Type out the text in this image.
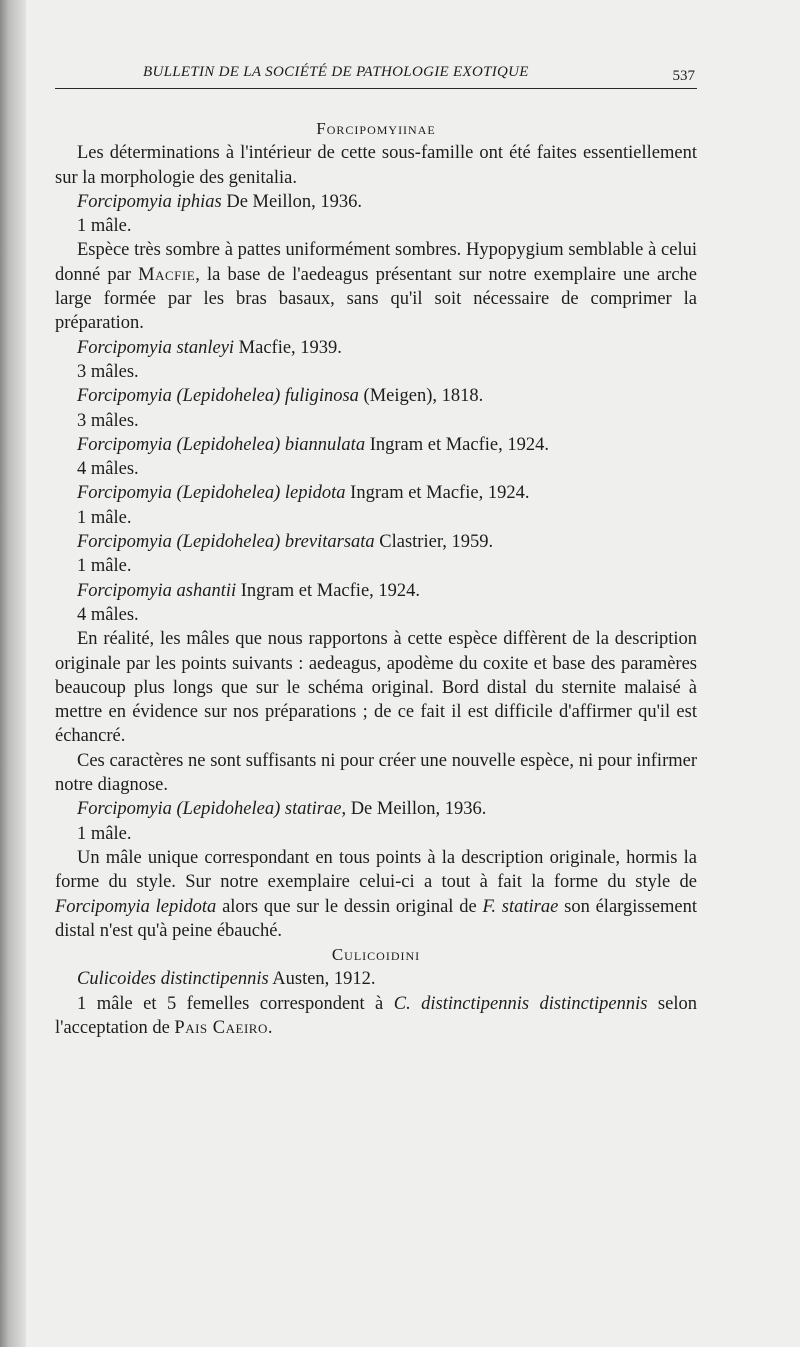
BULLETIN DE LA SOCIÉTÉ DE PATHOLOGIE EXOTIQUE	537

Forcipomyiinae

Les déterminations à l'intérieur de cette sous-famille ont été faites essentiellement sur la morphologie des genitalia.

Forcipomyia iphias De Meillon, 1936.

1 mâle.

Espèce très sombre à pattes uniformément sombres. Hypopygium semblable à celui donné par Macfie, la base de l'aedeagus présentant sur notre exemplaire une arche large formée par les bras basaux, sans qu'il soit nécessaire de comprimer la préparation.

Forcipomyia stanleyi Macfie, 1939.

3 mâles.

Forcipomyia (Lepidohelea) fuliginosa (Meigen), 1818.

3 mâles.

Forcipomyia (Lepidohelea) biannulata Ingram et Macfie, 1924.

4 mâles.

Forcipomyia (Lepidohelea) lepidota Ingram et Macfie, 1924.

1 mâle.

Forcipomyia (Lepidohelea) brevitarsata Clastrier, 1959.

1 mâle.

Forcipomyia ashantii Ingram et Macfie, 1924.

4 mâles.

En réalité, les mâles que nous rapportons à cette espèce diffèrent de la description originale par les points suivants : aedeagus, apodème du coxite et base des paramères beaucoup plus longs que sur le schéma original. Bord distal du sternite malaisé à mettre en évidence sur nos préparations ; de ce fait il est difficile d'affirmer qu'il est échancré.

Ces caractères ne sont suffisants ni pour créer une nouvelle espèce, ni pour infirmer notre diagnose.

Forcipomyia (Lepidohelea) statirae, De Meillon, 1936.

1 mâle.

Un mâle unique correspondant en tous points à la description originale, hormis la forme du style. Sur notre exemplaire celui-ci a tout à fait la forme du style de Forcipomyia lepidota alors que sur le dessin original de F. statirae son élargissement distal n'est qu'à peine ébauché.

Culicoidini

Culicoides distinctipennis Austen, 1912.

1 mâle et 5 femelles correspondent à C. distinctipennis distinctipennis selon l'acceptation de Pais Caeiro.
